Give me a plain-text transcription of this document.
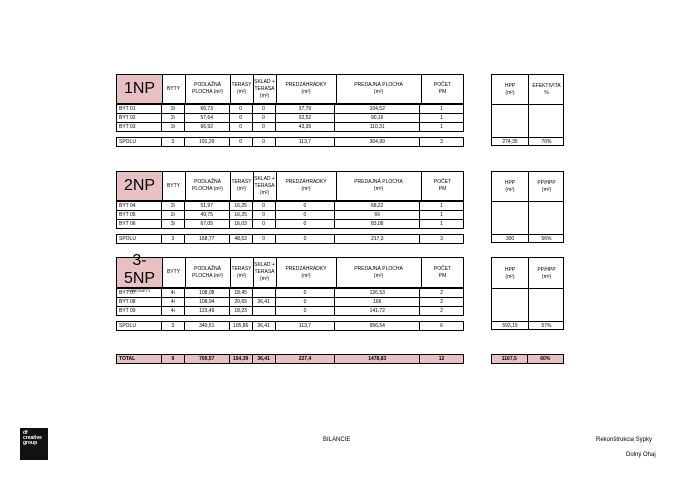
1NP BYTY
PODLAŽNÁ
PLOCHA (m²)
TERASY
(m²)
SKLAD +
TERASA
(m²)
PREDZÁHRADKY
(m²)
PREDAJNÁ PLOCHA
(m²)
POČET
PM
BYT 01	3i	66,73	0	0	37,79	104,52	1
BYT 02	2i	57,64	0	0	32,52	90,16	1
BYT 03	3i	66,92	0	0	43,39	110,31	1
SPOLU	3	191,29	0	0	113,7	304,99	3
HPP
(m²)
EFEKTIVITA
%
274,35	70%
2NP BYTY
PODLAŽNÁ
PLOCHA (m²)
TERASY
(m²)
SKLAD +
TERASA
(m²)
PREDZÁHRADKY
(m²)
PREDAJNÁ PLOCHA
(m²)
POČET
PM
BYT 04	2i	51,97	16,25	0	0	68,22	1
BYT 05	2i	49,75	16,25	0	0	66	1
BYT 06	3i	67,05	16,03	0	0	83,08	1
SPOLU	3	168,77	48,53	0	0	217,3	3
HPP
(m²)
PP/HPP
(m²)
300	56%
3-5NP
MEZONETY
BYTY
PODLAŽNÁ
PLOCHA (m²)
TERASY
(m²)
SKLAD +
TERASA
(m²)
PREDZÁHRADKY
(m²)
PREDAJNÁ PLOCHA
(m²)
POČET
PM
BYT 07	4i	108,08	18,45		0	126,53	2
BYT 08	4i	108,94	20,65	36,41	0	166	2
BYT 09	4i	123,49	18,23		0	141,72	2
SPOLU	3	340,51	105,86	36,41	113,7	956,54	6
HPP
(m²)
PP/HPP
(m²)
593,15	57%
TOTAL	9	700,57	154,39	36,41	227,4	1478,83	12	1167,5	60%
df
creative
group	BILANCIE	Rekonštrukcia Sýpky
Dolný Ohaj
